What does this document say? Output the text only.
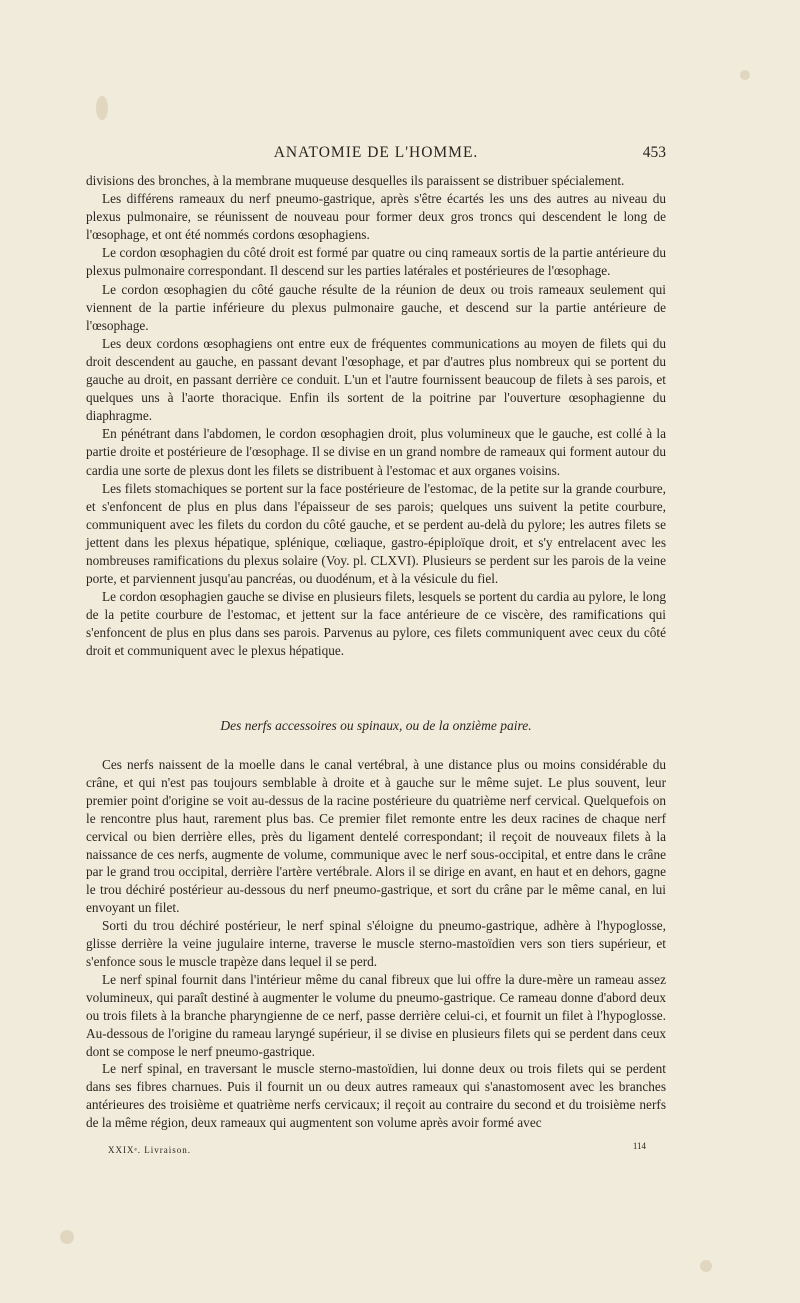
ANATOMIE DE L'HOMME.	453

divisions des bronches, à la membrane muqueuse desquelles ils paraissent se distribuer spécialement.

Les différens rameaux du nerf pneumo-gastrique, après s'être écartés les uns des autres au niveau du plexus pulmonaire, se réunissent de nouveau pour former deux gros troncs qui descendent le long de l'œsophage, et ont été nommés cordons œsophagiens.

Le cordon œsophagien du côté droit est formé par quatre ou cinq rameaux sortis de la partie antérieure du plexus pulmonaire correspondant. Il descend sur les parties latérales et postérieures de l'œsophage.

Le cordon œsophagien du côté gauche résulte de la réunion de deux ou trois rameaux seulement qui viennent de la partie inférieure du plexus pulmonaire gauche, et descend sur la partie antérieure de l'œsophage.

Les deux cordons œsophagiens ont entre eux de fréquentes communications au moyen de filets qui du droit descendent au gauche, en passant devant l'œsophage, et par d'autres plus nombreux qui se portent du gauche au droit, en passant derrière ce conduit. L'un et l'autre fournissent beaucoup de filets à ses parois, et quelques uns à l'aorte thoracique. Enfin ils sortent de la poitrine par l'ouverture œsophagienne du diaphragme.

En pénétrant dans l'abdomen, le cordon œsophagien droit, plus volumineux que le gauche, est collé à la partie droite et postérieure de l'œsophage. Il se divise en un grand nombre de rameaux qui forment autour du cardia une sorte de plexus dont les filets se distribuent à l'estomac et aux organes voisins.

Les filets stomachiques se portent sur la face postérieure de l'estomac, de la petite sur la grande courbure, et s'enfoncent de plus en plus dans l'épaisseur de ses parois; quelques uns suivent la petite courbure, communiquent avec les filets du cordon du côté gauche, et se perdent au-delà du pylore; les autres filets se jettent dans les plexus hépatique, splénique, cœliaque, gastro-épiploïque droit, et s'y entrelacent avec les nombreuses ramifications du plexus solaire (Voy. pl. CLXVI). Plusieurs se perdent sur les parois de la veine porte, et parviennent jusqu'au pancréas, ou duodénum, et à la vésicule du fiel.

Le cordon œsophagien gauche se divise en plusieurs filets, lesquels se portent du cardia au pylore, le long de la petite courbure de l'estomac, et jettent sur la face antérieure de ce viscère, des ramifications qui s'enfoncent de plus en plus dans ses parois. Parvenus au pylore, ces filets communiquent avec ceux du côté droit et communiquent avec le plexus hépatique.

Des nerfs accessoires ou spinaux, ou de la onzième paire.

Ces nerfs naissent de la moelle dans le canal vertébral, à une distance plus ou moins considérable du crâne, et qui n'est pas toujours semblable à droite et à gauche sur le même sujet. Le plus souvent, leur premier point d'origine se voit au-dessus de la racine postérieure du quatrième nerf cervical. Quelquefois on le rencontre plus haut, rarement plus bas. Ce premier filet remonte entre les deux racines de chaque nerf cervical ou bien derrière elles, près du ligament dentelé correspondant; il reçoit de nouveaux filets à la naissance de ces nerfs, augmente de volume, communique avec le nerf sous-occipital, et entre dans le crâne par le grand trou occipital, derrière l'artère vertébrale. Alors il se dirige en avant, en haut et en dehors, gagne le trou déchiré postérieur au-dessous du nerf pneumo-gastrique, et sort du crâne par le même canal, en lui envoyant un filet.

Sorti du trou déchiré postérieur, le nerf spinal s'éloigne du pneumo-gastrique, adhère à l'hypoglosse, glisse derrière la veine jugulaire interne, traverse le muscle sterno-mastoïdien vers son tiers supérieur, et s'enfonce sous le muscle trapèze dans lequel il se perd.

Le nerf spinal fournit dans l'intérieur même du canal fibreux que lui offre la dure-mère un rameau assez volumineux, qui paraît destiné à augmenter le volume du pneumo-gastrique. Ce rameau donne d'abord deux ou trois filets à la branche pharyngienne de ce nerf, passe derrière celui-ci, et fournit un filet à l'hypoglosse. Au-dessous de l'origine du rameau laryngé supérieur, il se divise en plusieurs filets qui se perdent dans ceux dont se compose le nerf pneumo-gastrique.

Le nerf spinal, en traversant le muscle sterno-mastoïdien, lui donne deux ou trois filets qui se perdent dans ses fibres charnues. Puis il fournit un ou deux autres rameaux qui s'anastomosent avec les branches antérieures des troisième et quatrième nerfs cervicaux; il reçoit au contraire du second et du troisième nerfs de la même région, deux rameaux qui augmentent son volume après avoir formé avec

XXIXᵉ. Livraison.	114
